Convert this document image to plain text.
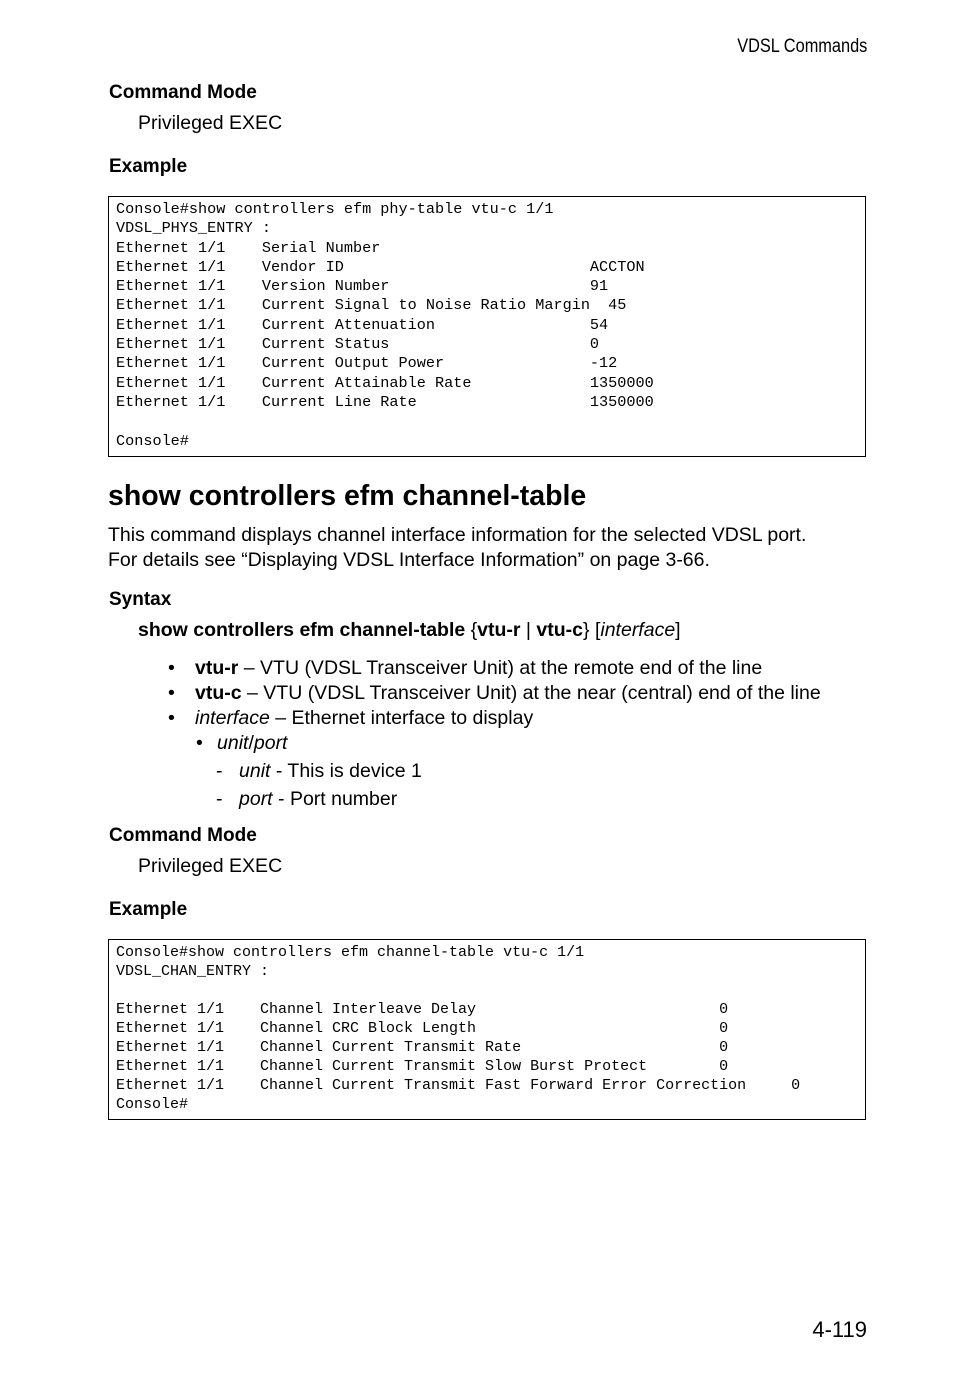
VDSL Commands
Command Mode
Privileged EXEC
Example
Console#show controllers efm phy-table vtu-c 1/1
VDSL_PHYS_ENTRY :
Ethernet 1/1    Serial Number
Ethernet 1/1    Vendor ID                           ACCTON
Ethernet 1/1    Version Number                      91
Ethernet 1/1    Current Signal to Noise Ratio Margin  45
Ethernet 1/1    Current Attenuation                 54
Ethernet 1/1    Current Status                      0
Ethernet 1/1    Current Output Power                -12
Ethernet 1/1    Current Attainable Rate             1350000
Ethernet 1/1    Current Line Rate                   1350000
Console#
show controllers efm channel-table
This command displays channel interface information for the selected VDSL port.
For details see “Displaying VDSL Interface Information” on page 3-66.
Syntax
show controllers efm channel-table {vtu-r | vtu-c} [interface]
• vtu-r – VTU (VDSL Transceiver Unit) at the remote end of the line
• vtu-c – VTU (VDSL Transceiver Unit) at the near (central) end of the line
• interface – Ethernet interface to display
• unit/port
- unit - This is device 1
- port - Port number
Command Mode
Privileged EXEC
Example
Console#show controllers efm channel-table vtu-c 1/1
VDSL_CHAN_ENTRY :
Ethernet 1/1    Channel Interleave Delay                           0
Ethernet 1/1    Channel CRC Block Length                           0
Ethernet 1/1    Channel Current Transmit Rate                      0
Ethernet 1/1    Channel Current Transmit Slow Burst Protect        0
Ethernet 1/1    Channel Current Transmit Fast Forward Error Correction     0
Console#
4-119
